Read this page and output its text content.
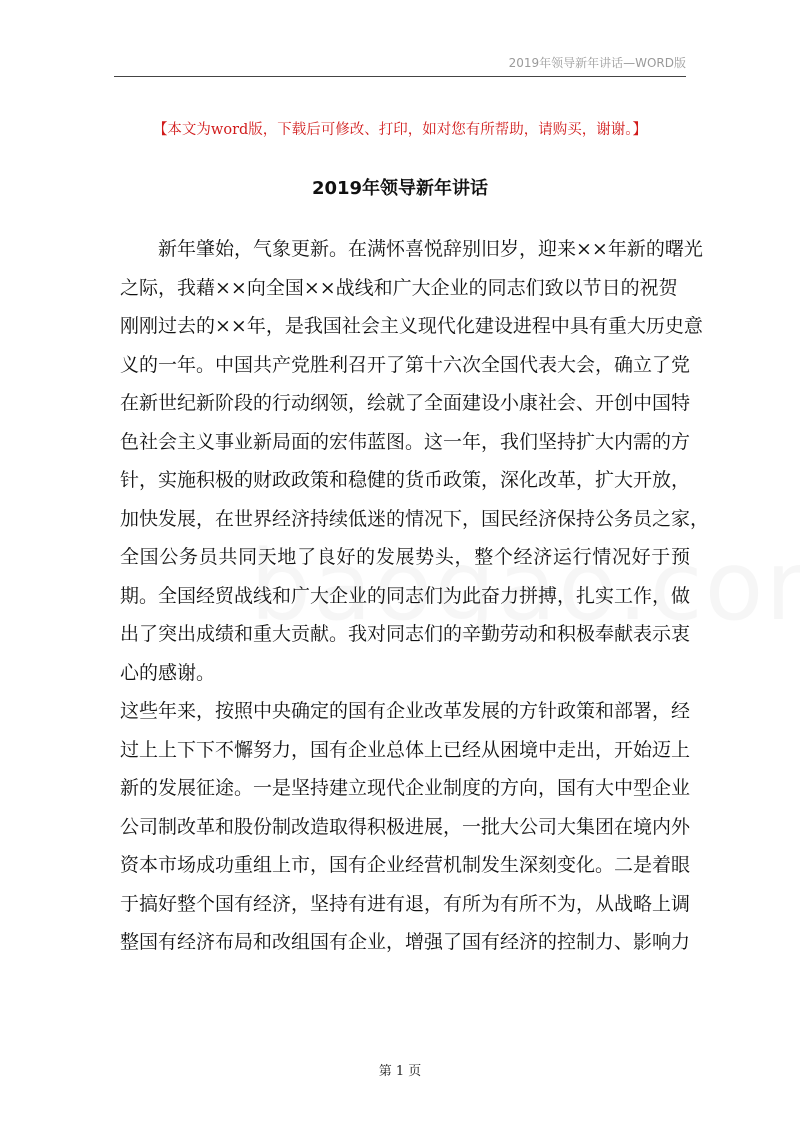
2019年领导新年讲话—WORD版
【本文为word版，下载后可修改、打印，如对您有所帮助，请购买，谢谢。】
2019年领导新年讲话
新年肇始，气象更新。在满怀喜悦辞别旧岁，迎来××年新的曙光
之际，我藉××向全国××战线和广大企业的同志们致以节日的祝贺
刚刚过去的××年，是我国社会主义现代化建设进程中具有重大历史意
义的一年。中国共产党胜利召开了第十六次全国代表大会，确立了党
在新世纪新阶段的行动纲领，绘就了全面建设小康社会、开创中国特
色社会主义事业新局面的宏伟蓝图。这一年，我们坚持扩大内需的方
针，实施积极的财政政策和稳健的货币政策，深化改革，扩大开放，
加快发展，在世界经济持续低迷的情况下，国民经济保持公务员之家，
全国公务员共同天地了良好的发展势头，整个经济运行情况好于预
期。全国经贸战线和广大企业的同志们为此奋力拼搏，扎实工作，做
出了突出成绩和重大贡献。我对同志们的辛勤劳动和积极奉献表示衷
心的感谢。
这些年来，按照中央确定的国有企业改革发展的方针政策和部署，经
过上上下下不懈努力，国有企业总体上已经从困境中走出，开始迈上
新的发展征途。一是坚持建立现代企业制度的方向，国有大中型企业
公司制改革和股份制改造取得积极进展，一批大公司大集团在境内外
资本市场成功重组上市，国有企业经营机制发生深刻变化。二是着眼
于搞好整个国有经济，坚持有进有退，有所为有所不为，从战略上调
整国有经济布局和改组国有企业，增强了国有经济的控制力、影响力
第 1 页
